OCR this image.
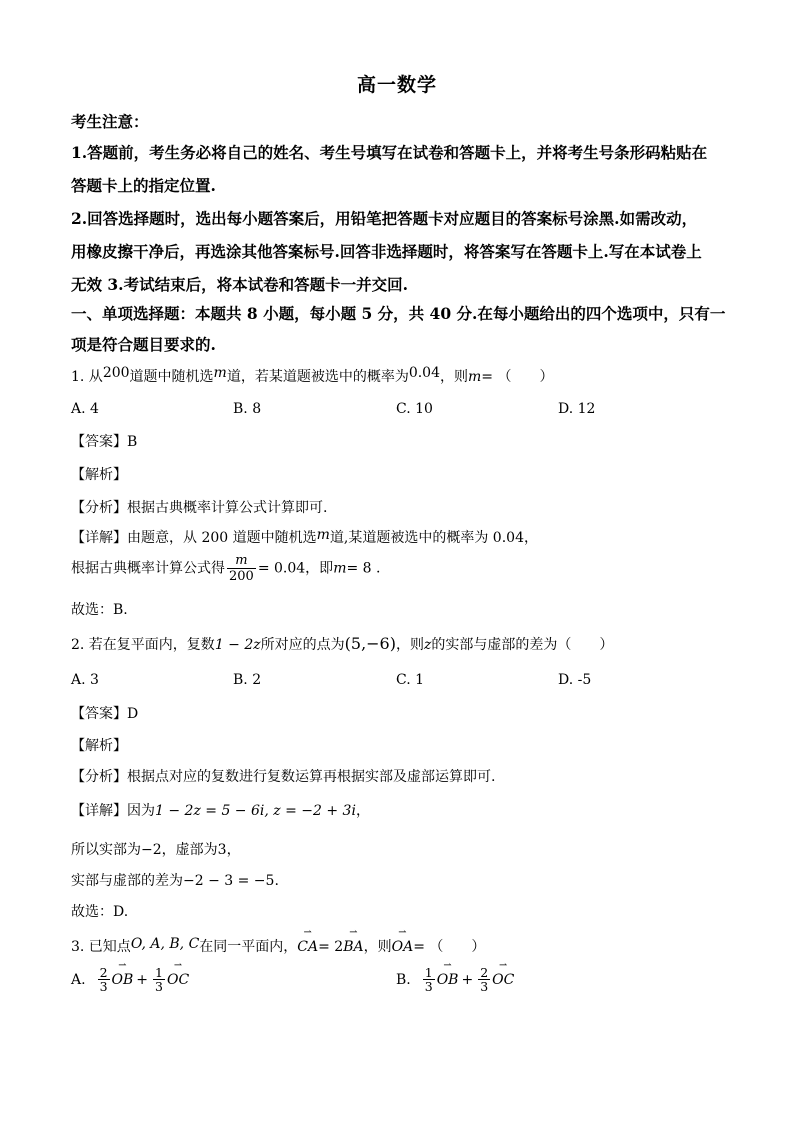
高一数学
考生注意：
1.答题前，考生务必将自己的姓名、考生号填写在试卷和答题卡上，并将考生号条形码粘贴在
答题卡上的指定位置.
2.回答选择题时，选出每小题答案后，用铅笔把答题卡对应题目的答案标号涂黑.如需改动，
用橡皮擦干净后，再选涂其他答案标号.回答非选择题时，将答案写在答题卡上.写在本试卷上
无效 3.考试结束后，将本试卷和答题卡一并交回.
一、单项选择题：本题共 8 小题，每小题 5 分，共 40 分.在每小题给出的四个选项中，只有一
项是符合题目要求的.
1. 从200道题中随机选m道，若某道题被选中的概率为0.04，则m= （　　）
A. 4	B. 8	C. 10	D. 12
【答案】B
【解析】
【分析】根据古典概率计算公式计算即可.
【详解】由题意，从 200 道题中随机选m道,某道题被选中的概率为 0.04，
根据古典概率计算公式得 $\frac{m}{200} = 0.04$，即m= 8 .
故选：B.
2. 若在复平面内，复数1 − 2z所对应的点为(5,−6)，则z的实部与虚部的差为（　　）
A. 3	B. 2	C. 1	D. -5
【答案】D
【解析】
【分析】根据点对应的复数进行复数运算再根据实部及虚部运算即可.
【详解】因为1 − 2z = 5 − 6i, z = −2 + 3i，
所以实部为−2，虚部为3，
实部与虚部的差为−2 − 3 = −5.
故选：D.
3. 已知点O, A, B, C在同一平面内，⇀ CA= 2⇀ BA，则⇀ OA= （　　）
A. $\frac{2}{3}$ ⇀ OB + $\frac{1}{3}$ ⇀ OC	B. $\frac{1}{3}$ ⇀ OB + $\frac{2}{3}$ ⇀ OC
